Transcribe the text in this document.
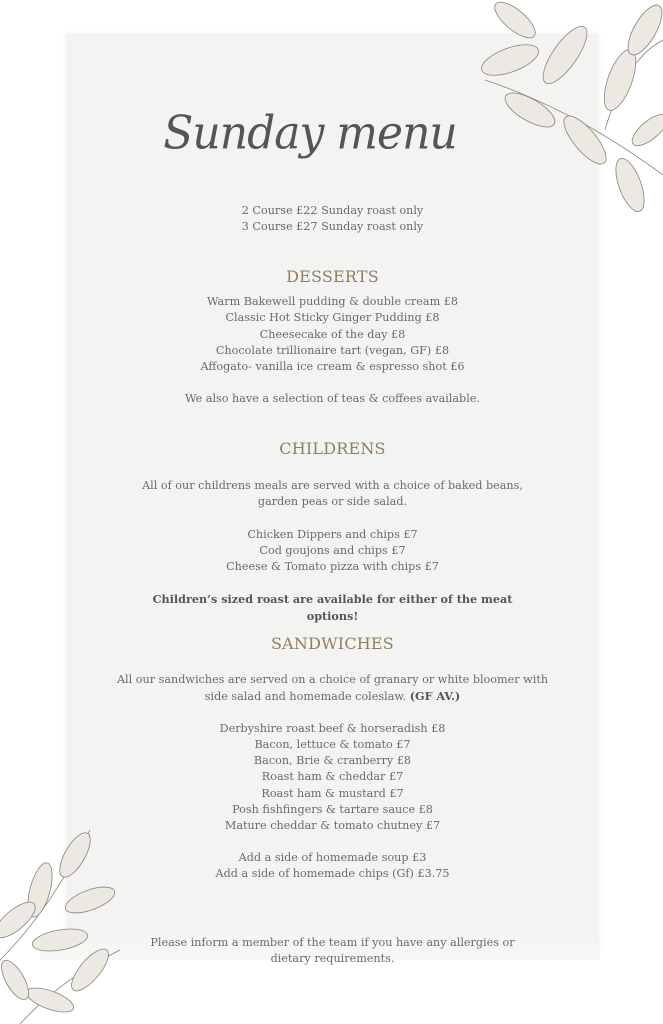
Sunday menu
2 Course £22 Sunday roast only
3 Course £27 Sunday roast only
DESSERTS
Warm Bakewell pudding & double cream £8
Classic Hot Sticky Ginger Pudding £8
Cheesecake of the day £8
Chocolate trillionaire tart (vegan, GF) £8
Affogato- vanilla ice cream & espresso shot £6
We also have a selection of teas & coffees available.
CHILDRENS
All of our childrens meals are served with a choice of baked beans,
garden peas or side salad.
Chicken Dippers and chips £7
Cod goujons and chips £7
Cheese & Tomato pizza with chips £7
Children’s sized roast are available for either of the meat
options!
SANDWICHES
All our sandwiches are served on a choice of granary or white bloomer with
side salad and homemade coleslaw. (GF AV.)
Derbyshire roast beef & horseradish £8
Bacon, lettuce & tomato £7
Bacon, Brie & cranberry £8
Roast ham & cheddar £7
Roast ham & mustard £7
Posh fishfingers & tartare sauce £8
Mature cheddar & tomato chutney £7
Add a side of homemade soup £3
Add a side of homemade chips (Gf) £3.75
Please inform a member of the team if you have any allergies or
dietary requirements.
